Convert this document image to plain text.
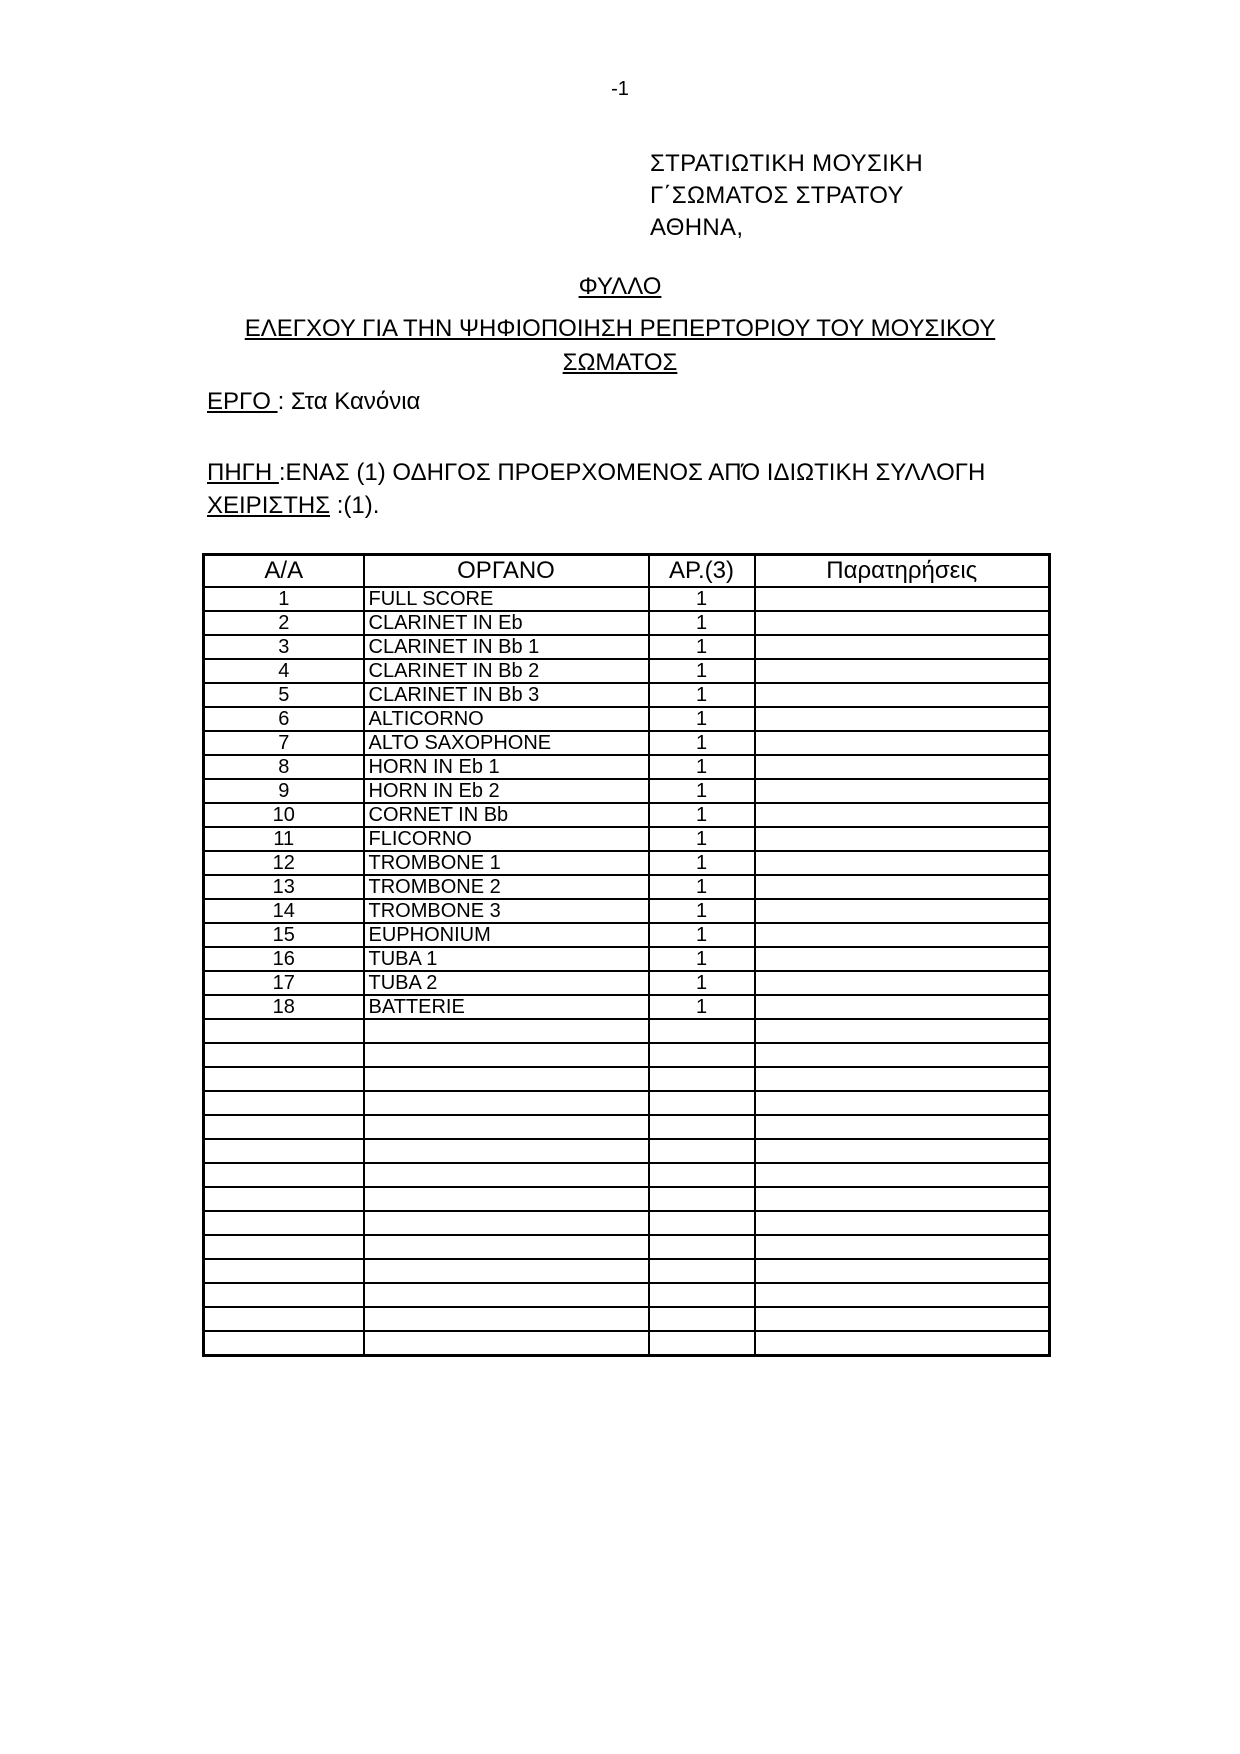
-1
ΣΤΡΑΤΙΩΤΙΚΗ ΜΟΥΣΙΚΗ
Γ΄ΣΩΜΑΤΟΣ ΣΤΡΑΤΟΥ
ΑΘΗΝΑ,
ΦΥΛΛΟ
ΕΛΕΓΧΟΥ ΓΙΑ ΤΗΝ ΨΗΦΙΟΠΟΙΗΣΗ ΡΕΠΕΡΤΟΡΙΟΥ ΤΟΥ ΜΟΥΣΙΚΟΥ ΣΩΜΑΤΟΣ
ΕΡΓΟ : Στα Κανόνια
ΠΗΓΗ :ΕΝΑΣ (1) ΟΔΗΓΟΣ ΠΡΟΕΡΧΟΜΕΝΟΣ ΑΠΌ ΙΔΙΩΤΙΚΗ ΣΥΛΛΟΓΗ
ΧΕΙΡΙΣΤΗΣ :(1).
Α/Α	ΟΡΓΑΝΟ	ΑΡ.(3)	Παρατηρήσεις
1	FULL SCORE	1	
2	CLARINET IN Eb	1	
3	CLARINET IN Bb 1	1	
4	CLARINET IN Bb 2	1	
5	CLARINET IN Bb 3	1	
6	ALTICORNO	1	
7	ALTO SAXOPHONE	1	
8	HORN IN Eb 1	1	
9	HORN IN Eb 2	1	
10	CORNET IN Bb	1	
11	FLICORNO	1	
12	TROMBONE 1	1	
13	TROMBONE 2	1	
14	TROMBONE 3	1	
15	EUPHONIUM	1	
16	TUBA 1	1	
17	TUBA 2	1	
18	BATTERIE	1	
